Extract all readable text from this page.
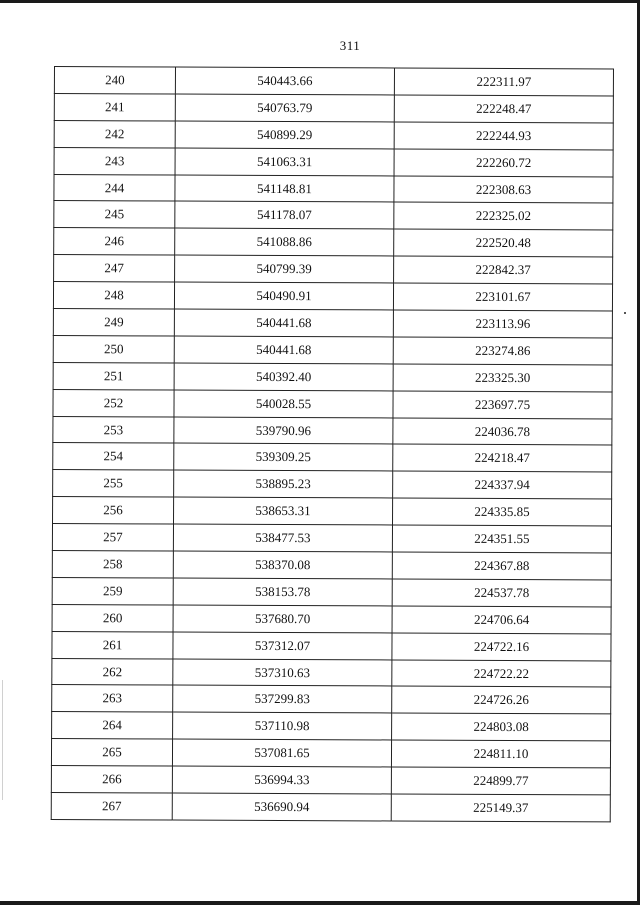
311
240	540443.66	222311.97
241	540763.79	222248.47
242	540899.29	222244.93
243	541063.31	222260.72
244	541148.81	222308.63
245	541178.07	222325.02
246	541088.86	222520.48
247	540799.39	222842.37
248	540490.91	223101.67
249	540441.68	223113.96
250	540441.68	223274.86
251	540392.40	223325.30
252	540028.55	223697.75
253	539790.96	224036.78
254	539309.25	224218.47
255	538895.23	224337.94
256	538653.31	224335.85
257	538477.53	224351.55
258	538370.08	224367.88
259	538153.78	224537.78
260	537680.70	224706.64
261	537312.07	224722.16
262	537310.63	224722.22
263	537299.83	224726.26
264	537110.98	224803.08
265	537081.65	224811.10
266	536994.33	224899.77
267	536690.94	225149.37
